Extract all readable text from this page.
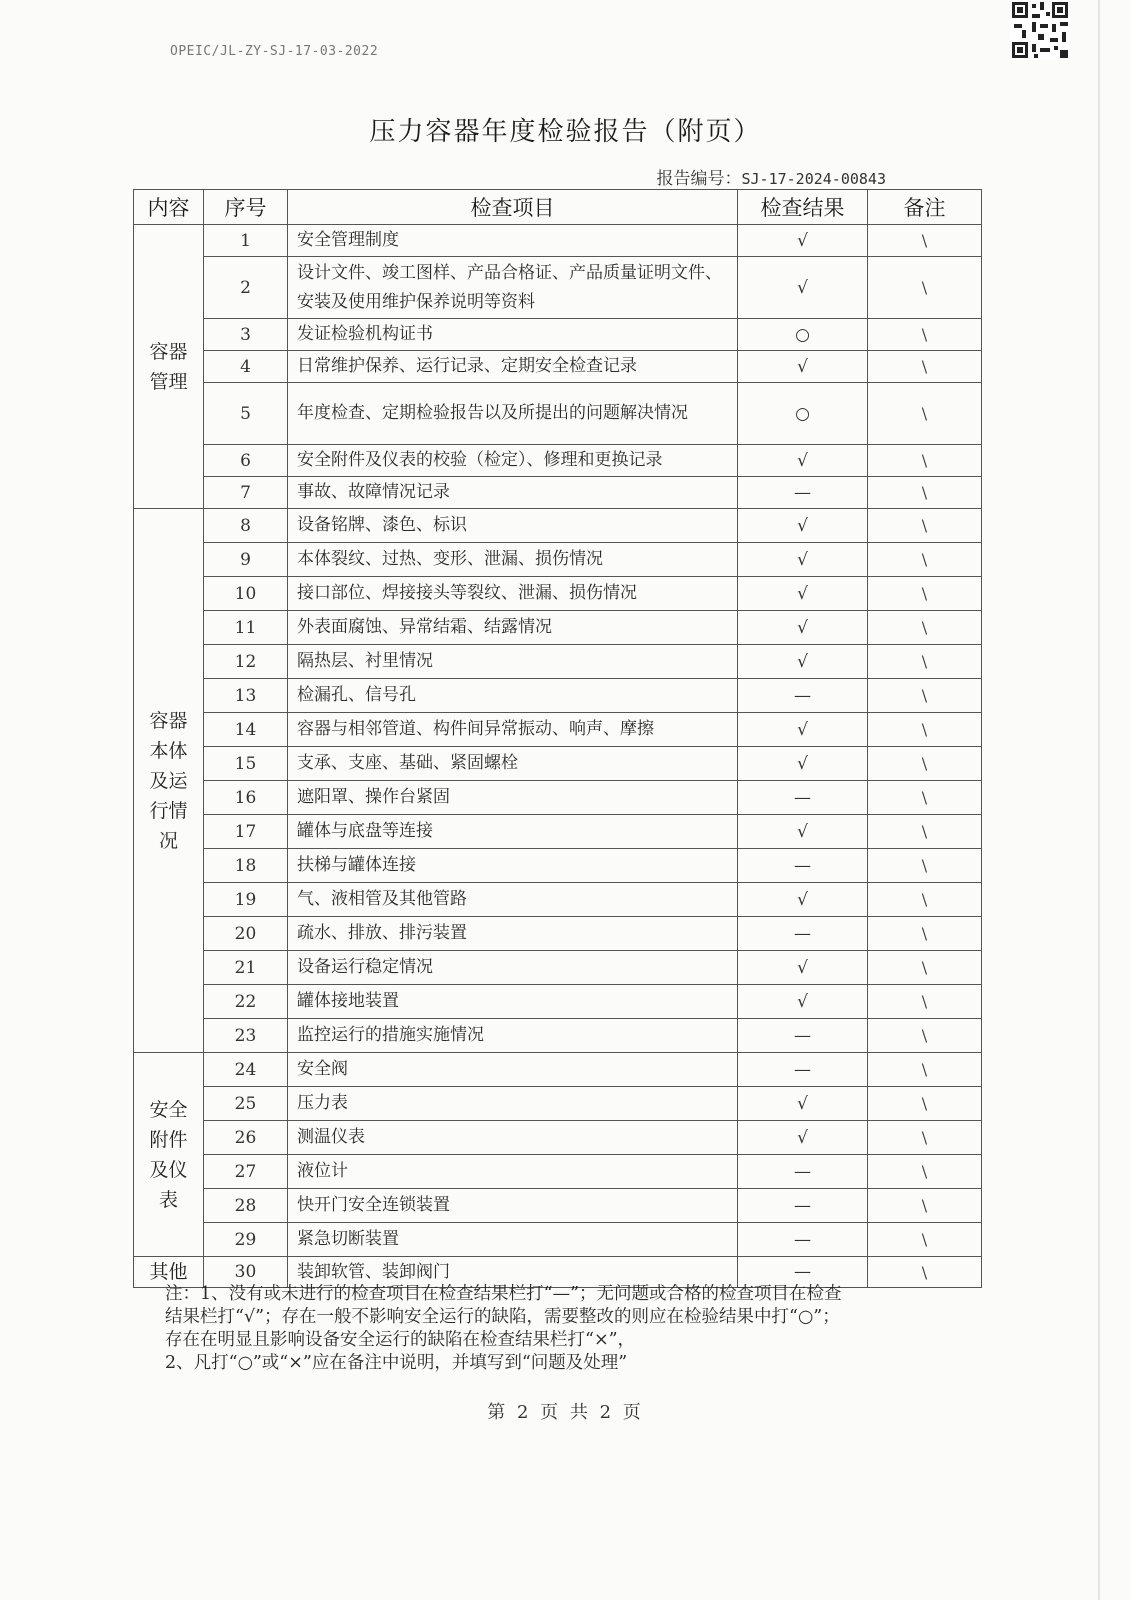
OPEIC/JL-ZY-SJ-17-03-2022
压力容器年度检验报告（附页）
报告编号：SJ-17-2024-00843
内容	序号	检查项目	检查结果	备注

容器
管理	1	安全管理制度	√	\
	2	设计文件、竣工图样、产品合格证、产品质量证明文件、安装及使用维护保养说明等资料	√	\
	3	发证检验机构证书	○	\
	4	日常维护保养、运行记录、定期安全检查记录	√	\
	5	年度检查、定期检验报告以及所提出的问题解决情况	○	\
	6	安全附件及仪表的校验（检定）、修理和更换记录	√	\
	7	事故、故障情况记录	—	\

容器
本体
及运
行情
况	8	设备铭牌、漆色、标识	√	\
	9	本体裂纹、过热、变形、泄漏、损伤情况	√	\
	10	接口部位、焊接接头等裂纹、泄漏、损伤情况	√	\
	11	外表面腐蚀、异常结霜、结露情况	√	\
	12	隔热层、衬里情况	√	\
	13	检漏孔、信号孔	—	\
	14	容器与相邻管道、构件间异常振动、响声、摩擦	√	\
	15	支承、支座、基础、紧固螺栓	√	\
	16	遮阳罩、操作台紧固	—	\
	17	罐体与底盘等连接	√	\
	18	扶梯与罐体连接	—	\
	19	气、液相管及其他管路	√	\
	20	疏水、排放、排污装置	—	\
	21	设备运行稳定情况	√	\
	22	罐体接地装置	√	\
	23	监控运行的措施实施情况	—	\

安全
附件
及仪
表	24	安全阀	—	\
	25	压力表	√	\
	26	测温仪表	√	\
	27	液位计	—	\
	28	快开门安全连锁装置	—	\
	29	紧急切断装置	—	\

其他	30	装卸软管、装卸阀门	—	\

注：1、没有或未进行的检查项目在检查结果栏打“—”；无问题或合格的检查项目在检查

结果栏打“√”；存在一般不影响安全运行的缺陷，需要整改的则应在检验结果中打“○”；

存在在明显且影响设备安全运行的缺陷在检查结果栏打“×”，

2、凡打“○”或“×”应在备注中说明，并填写到“问题及处理”

第 2 页 共 2 页
